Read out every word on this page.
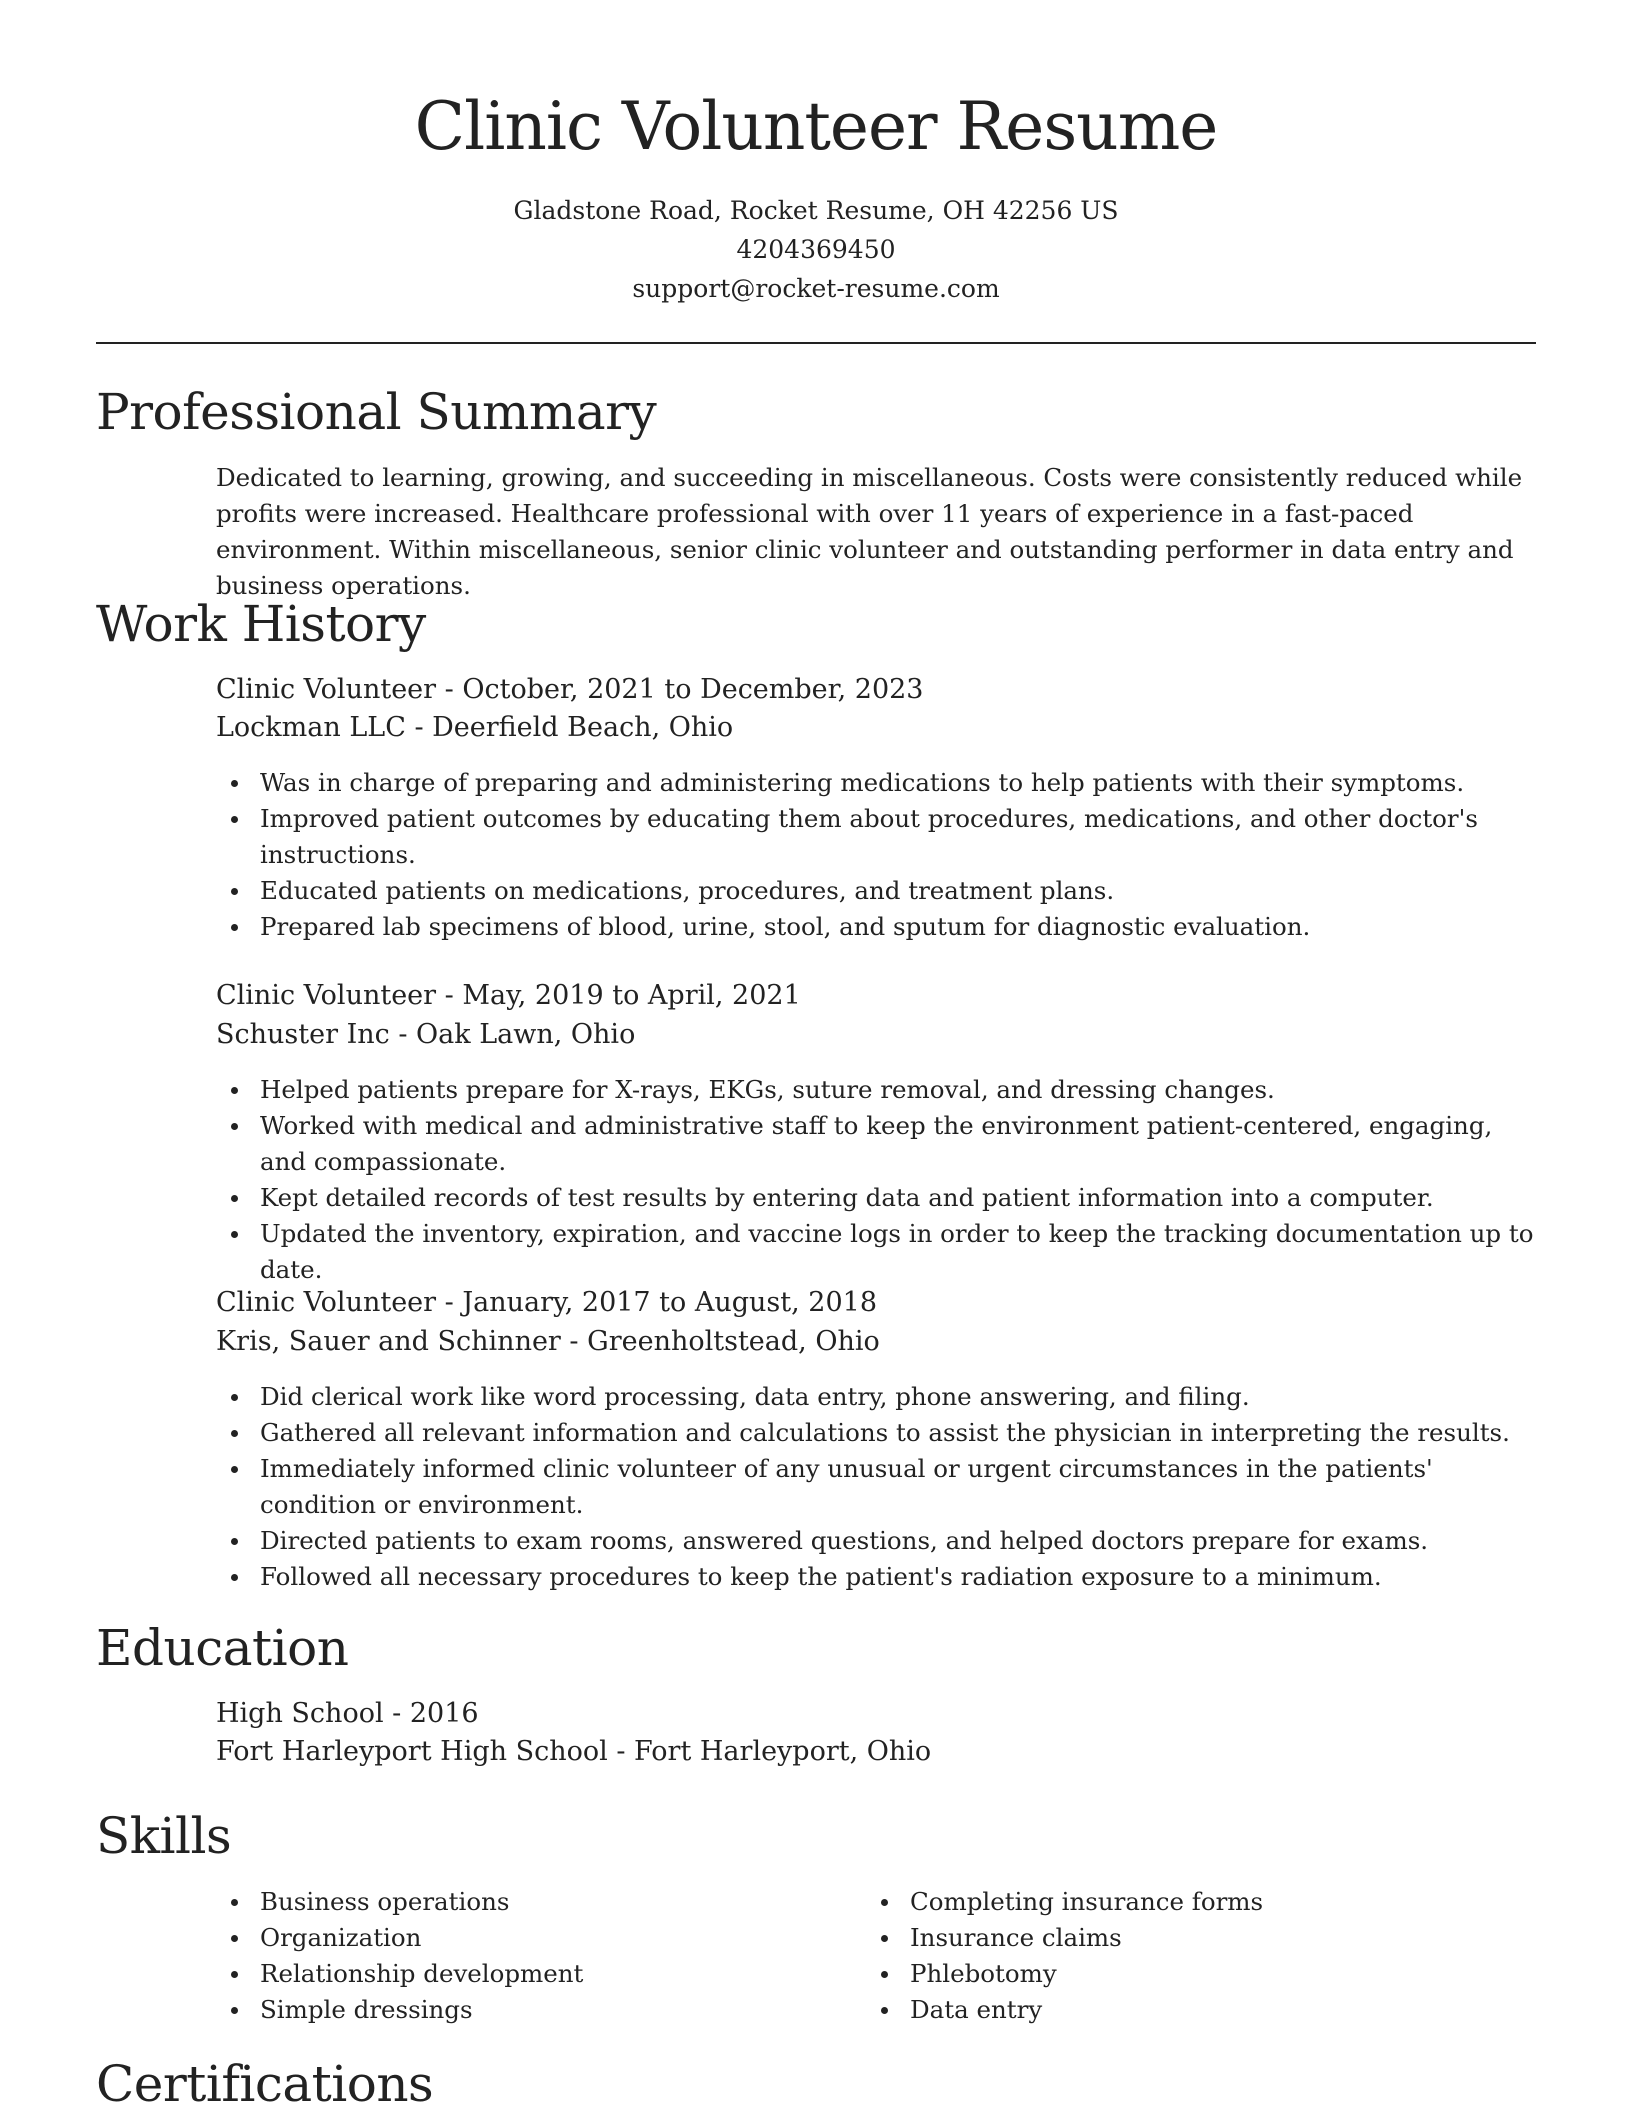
Clinic Volunteer Resume
Gladstone Road, Rocket Resume, OH 42256 US
4204369450
support@rocket-resume.com
Professional Summary
Dedicated to learning, growing, and succeeding in miscellaneous. Costs were consistently reduced while profits were increased. Healthcare professional with over 11 years of experience in a fast-paced environment. Within miscellaneous, senior clinic volunteer and outstanding performer in data entry and business operations.
Work History
Clinic Volunteer - October, 2021 to December, 2023
Lockman LLC - Deerfield Beach, Ohio
Was in charge of preparing and administering medications to help patients with their symptoms.
Improved patient outcomes by educating them about procedures, medications, and other doctor's instructions.
Educated patients on medications, procedures, and treatment plans.
Prepared lab specimens of blood, urine, stool, and sputum for diagnostic evaluation.
Clinic Volunteer - May, 2019 to April, 2021
Schuster Inc - Oak Lawn, Ohio
Helped patients prepare for X-rays, EKGs, suture removal, and dressing changes.
Worked with medical and administrative staff to keep the environment patient-centered, engaging, and compassionate.
Kept detailed records of test results by entering data and patient information into a computer.
Updated the inventory, expiration, and vaccine logs in order to keep the tracking documentation up to date.
Clinic Volunteer - January, 2017 to August, 2018
Kris, Sauer and Schinner - Greenholtstead, Ohio
Did clerical work like word processing, data entry, phone answering, and filing.
Gathered all relevant information and calculations to assist the physician in interpreting the results.
Immediately informed clinic volunteer of any unusual or urgent circumstances in the patients' condition or environment.
Directed patients to exam rooms, answered questions, and helped doctors prepare for exams.
Followed all necessary procedures to keep the patient's radiation exposure to a minimum.
Education
High School - 2016
Fort Harleyport High School - Fort Harleyport, Ohio
Skills
Business operations
Organization
Relationship development
Simple dressings
Completing insurance forms
Insurance claims
Phlebotomy
Data entry
Certifications
